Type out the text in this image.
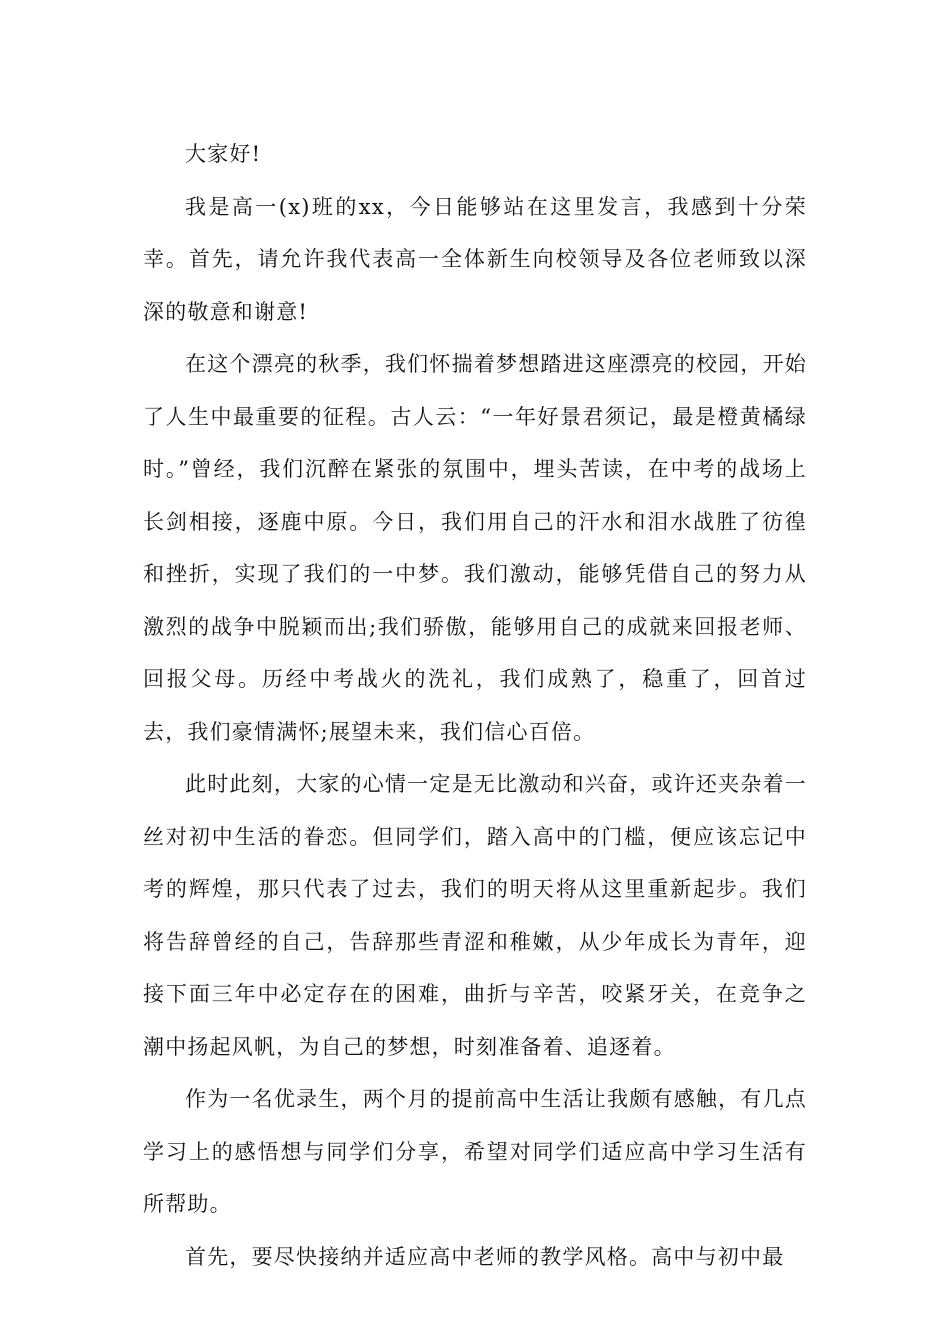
大家好!

我是高一(x)班的xx，今日能够站在这里发言，我感到十分荣幸。首先，请允许我代表高一全体新生向校领导及各位老师致以深深的敬意和谢意!

在这个漂亮的秋季，我们怀揣着梦想踏进这座漂亮的校园，开始了人生中最重要的征程。古人云：“一年好景君须记，最是橙黄橘绿时。”曾经，我们沉醉在紧张的氛围中，埋头苦读，在中考的战场上长剑相接，逐鹿中原。今日，我们用自己的汗水和泪水战胜了彷徨和挫折，实现了我们的一中梦。我们激动，能够凭借自己的努力从激烈的战争中脱颖而出;我们骄傲，能够用自己的成就来回报老师、回报父母。历经中考战火的洗礼，我们成熟了，稳重了，回首过去，我们豪情满怀;展望未来，我们信心百倍。

此时此刻，大家的心情一定是无比激动和兴奋，或许还夹杂着一丝对初中生活的眷恋。但同学们，踏入高中的门槛，便应该忘记中考的辉煌，那只代表了过去，我们的明天将从这里重新起步。我们将告辞曾经的自己，告辞那些青涩和稚嫩，从少年成长为青年，迎接下面三年中必定存在的困难，曲折与辛苦，咬紧牙关，在竞争之潮中扬起风帆，为自己的梦想，时刻准备着、追逐着。

作为一名优录生，两个月的提前高中生活让我颇有感触，有几点学习上的感悟想与同学们分享，希望对同学们适应高中学习生活有所帮助。

首先，要尽快接纳并适应高中老师的教学风格。高中与初中最
